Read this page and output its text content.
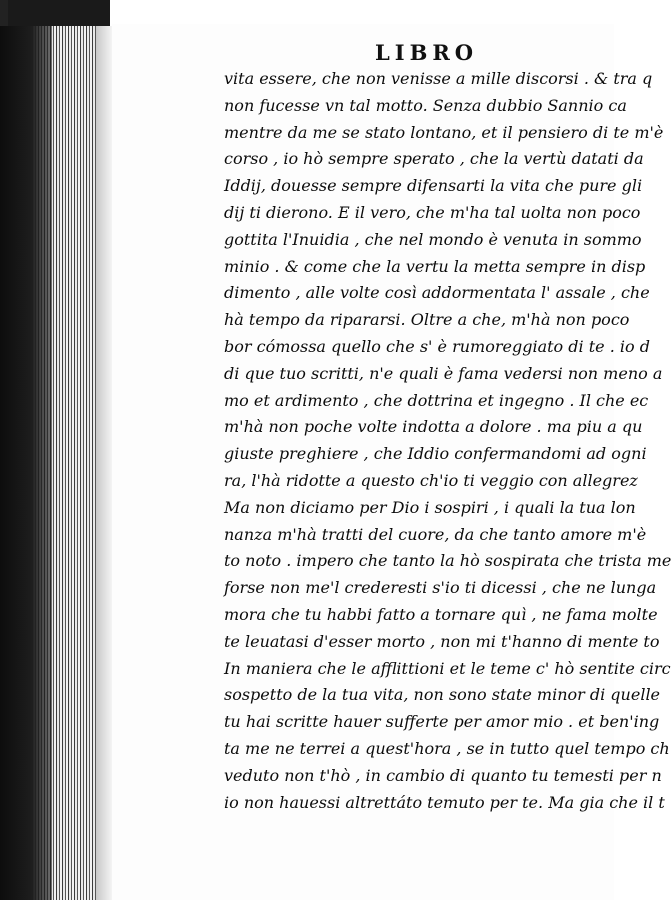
LIBRO
vita essere, che non venisse a mille discorsi . & tra q
non fucesse vn tal motto. Senza dubbio Sannio ca
mentre da me se stato lontano, et il pensiero di te m'è
corso , io hò sempre sperato , che la vertù datati da
Iddij, douesse sempre difensarti la vita che pure gli
dij ti dierono. E il vero, che m'ha tal uolta non poco
gottita l'Inuidia , che nel mondo è venuta in sommo
minio . & come che la vertu la metta sempre in disp
dimento , alle volte così addormentata l' assale , che
hà tempo da ripararsi. Oltre a che, m'hà non poco
bor cómossa quello che s' è rumoreggiato di te . io d
di que tuo scritti, n'e quali è fama vedersi non meno a
mo et ardimento , che dottrina et ingegno . Il che ec
m'hà non poche volte indotta a dolore . ma piu a qu
giuste preghiere , che Iddio confermandomi ad ogni
ra, l'hà ridotte a questo ch'io ti veggio con allegrez
Ma non diciamo per Dio i sospiri , i quali la tua lon
nanza m'hà tratti del cuore, da che tanto amore m'è
to noto . impero che tanto la hò sospirata che trista me
forse non me'l crederesti s'io ti dicessi , che ne lunga
mora che tu habbi fatto a tornare quì , ne fama molte
te leuatasi d'esser morto , non mi t'hanno di mente to
In maniera che le afflittioni et le teme c' hò sentite circ
sospetto de la tua vita, non sono state minor di quelle
tu hai scritte hauer sufferte per amor mio . et ben'ing
ta me ne terrei a quest'hora , se in tutto quel tempo ch
veduto non t'hò , in cambio di quanto tu temesti per n
io non hauessi altrettáto temuto per te. Ma gia che il t
